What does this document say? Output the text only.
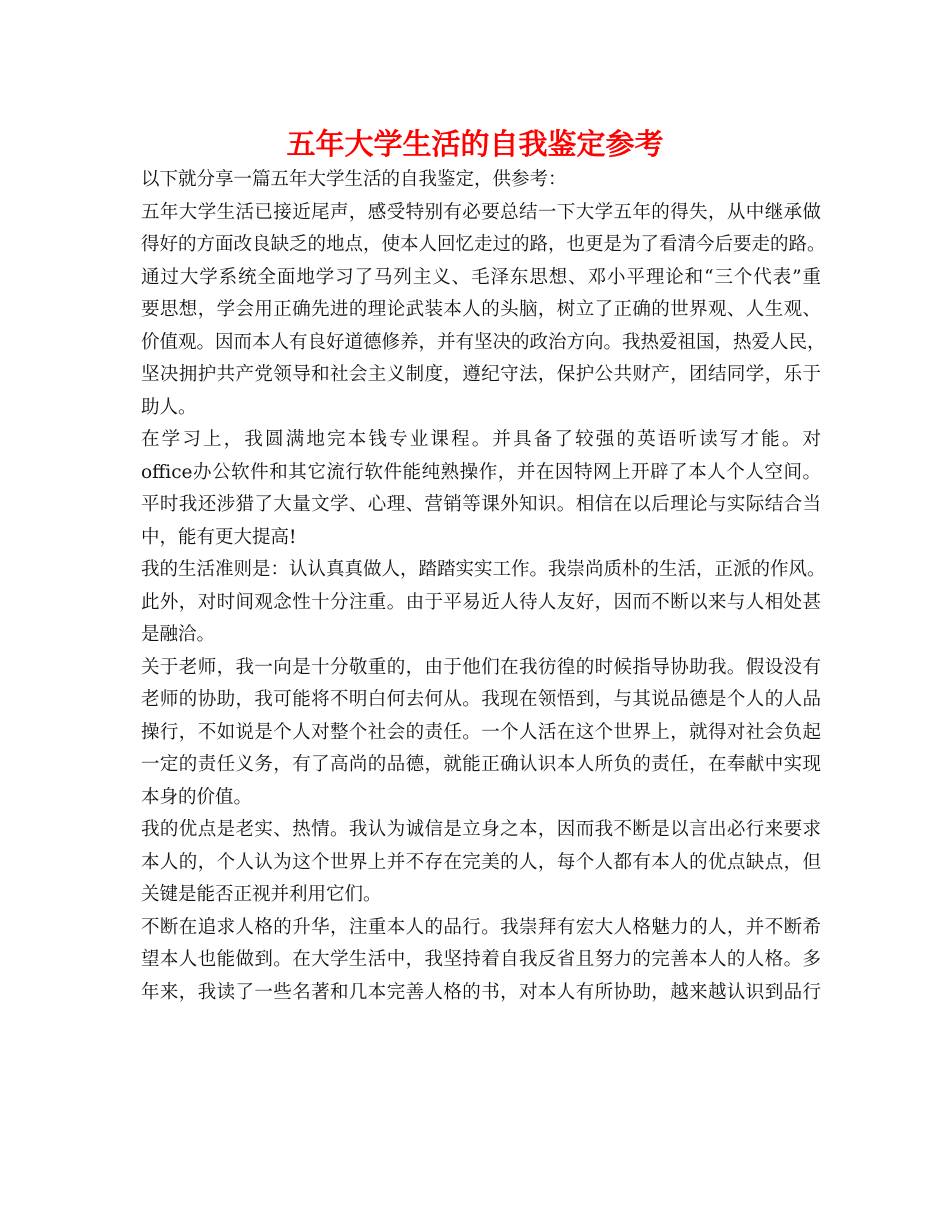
五年大学生活的自我鉴定参考

以下就分享一篇五年大学生活的自我鉴定，供参考：

五年大学生活已接近尾声，感受特别有必要总结一下大学五年的得失，从中继承做

得好的方面改良缺乏的地点，使本人回忆走过的路，也更是为了看清今后要走的路。

通过大学系统全面地学习了马列主义、毛泽东思想、邓小平理论和“三个代表”重

要思想，学会用正确先进的理论武装本人的头脑，树立了正确的世界观、人生观、

价值观。因而本人有良好道德修养，并有坚决的政治方向。我热爱祖国，热爱人民，

坚决拥护共产党领导和社会主义制度，遵纪守法，保护公共财产，团结同学，乐于

助人。

在学习上，我圆满地完本钱专业课程。并具备了较强的英语听读写才能。对

office办公软件和其它流行软件能纯熟操作，并在因特网上开辟了本人个人空间。

平时我还涉猎了大量文学、心理、营销等课外知识。相信在以后理论与实际结合当

中，能有更大提高!

我的生活准则是：认认真真做人，踏踏实实工作。我崇尚质朴的生活，正派的作风。

此外，对时间观念性十分注重。由于平易近人待人友好，因而不断以来与人相处甚

是融洽。

关于老师，我一向是十分敬重的，由于他们在我彷徨的时候指导协助我。假设没有

老师的协助，我可能将不明白何去何从。我现在领悟到，与其说品德是个人的人品

操行，不如说是个人对整个社会的责任。一个人活在这个世界上，就得对社会负起

一定的责任义务，有了高尚的品德，就能正确认识本人所负的责任，在奉献中实现

本身的价值。

我的优点是老实、热情。我认为诚信是立身之本，因而我不断是以言出必行来要求

本人的，个人认为这个世界上并不存在完美的人，每个人都有本人的优点缺点，但

关键是能否正视并利用它们。

不断在追求人格的升华，注重本人的品行。我崇拜有宏大人格魅力的人，并不断希

望本人也能做到。在大学生活中，我坚持着自我反省且努力的完善本人的人格。多

年来，我读了一些名著和几本完善人格的书，对本人有所协助，越来越认识到品行
